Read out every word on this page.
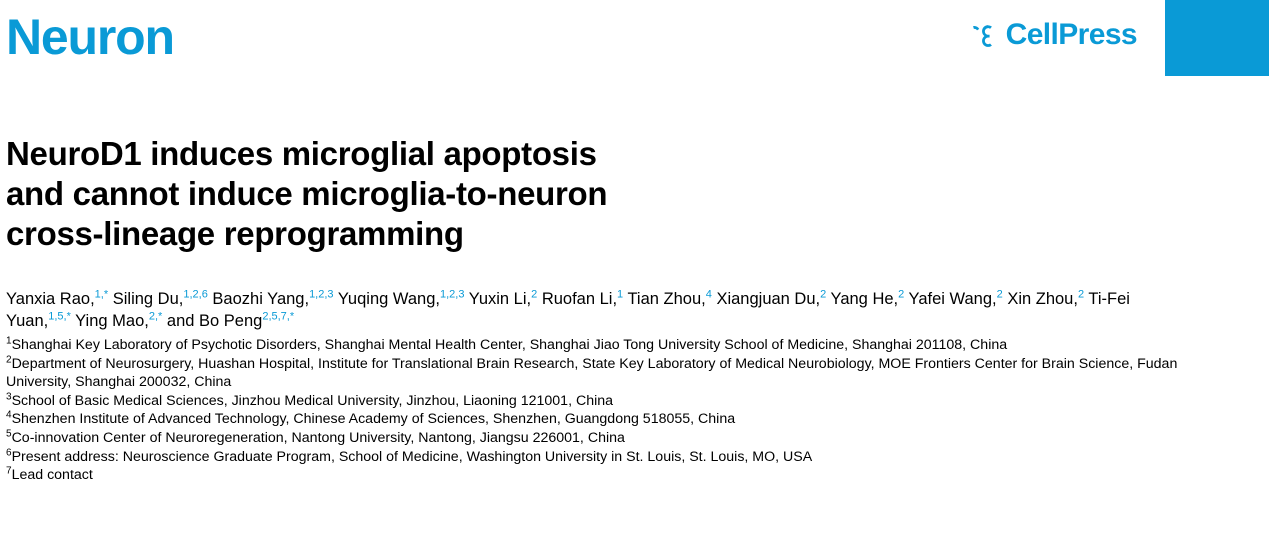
Neuron	CellPress
NeuroD1 induces microglial apoptosis
and cannot induce microglia-to-neuron
cross-lineage reprogramming
Yanxia Rao,$^{1,*}$ Siling Du,$^{1,2,6}$ Baozhi Yang,$^{1,2,3}$ Yuqing Wang,$^{1,2,3}$ Yuxin Li,$^2$ Ruofan Li,$^1$ Tian Zhou,$^4$ Xiangjuan Du,$^2$ Yang He,$^2$ Yafei Wang,$^2$ Xin Zhou,$^2$ Ti-Fei Yuan,$^{1,5,*}$ Ying Mao,$^{2,*}$ and Bo Peng$^{2,5,7,*}$

$^1$Shanghai Key Laboratory of Psychotic Disorders, Shanghai Mental Health Center, Shanghai Jiao Tong University School of Medicine, Shanghai 201108, China

$^2$Department of Neurosurgery, Huashan Hospital, Institute for Translational Brain Research, State Key Laboratory of Medical Neurobiology, MOE Frontiers Center for Brain Science, Fudan University, Shanghai 200032, China

$^3$School of Basic Medical Sciences, Jinzhou Medical University, Jinzhou, Liaoning 121001, China

$^4$Shenzhen Institute of Advanced Technology, Chinese Academy of Sciences, Shenzhen, Guangdong 518055, China

$^5$Co-innovation Center of Neuroregeneration, Nantong University, Nantong, Jiangsu 226001, China

$^6$Present address: Neuroscience Graduate Program, School of Medicine, Washington University in St. Louis, St. Louis, MO, USA

$^7$Lead contact
